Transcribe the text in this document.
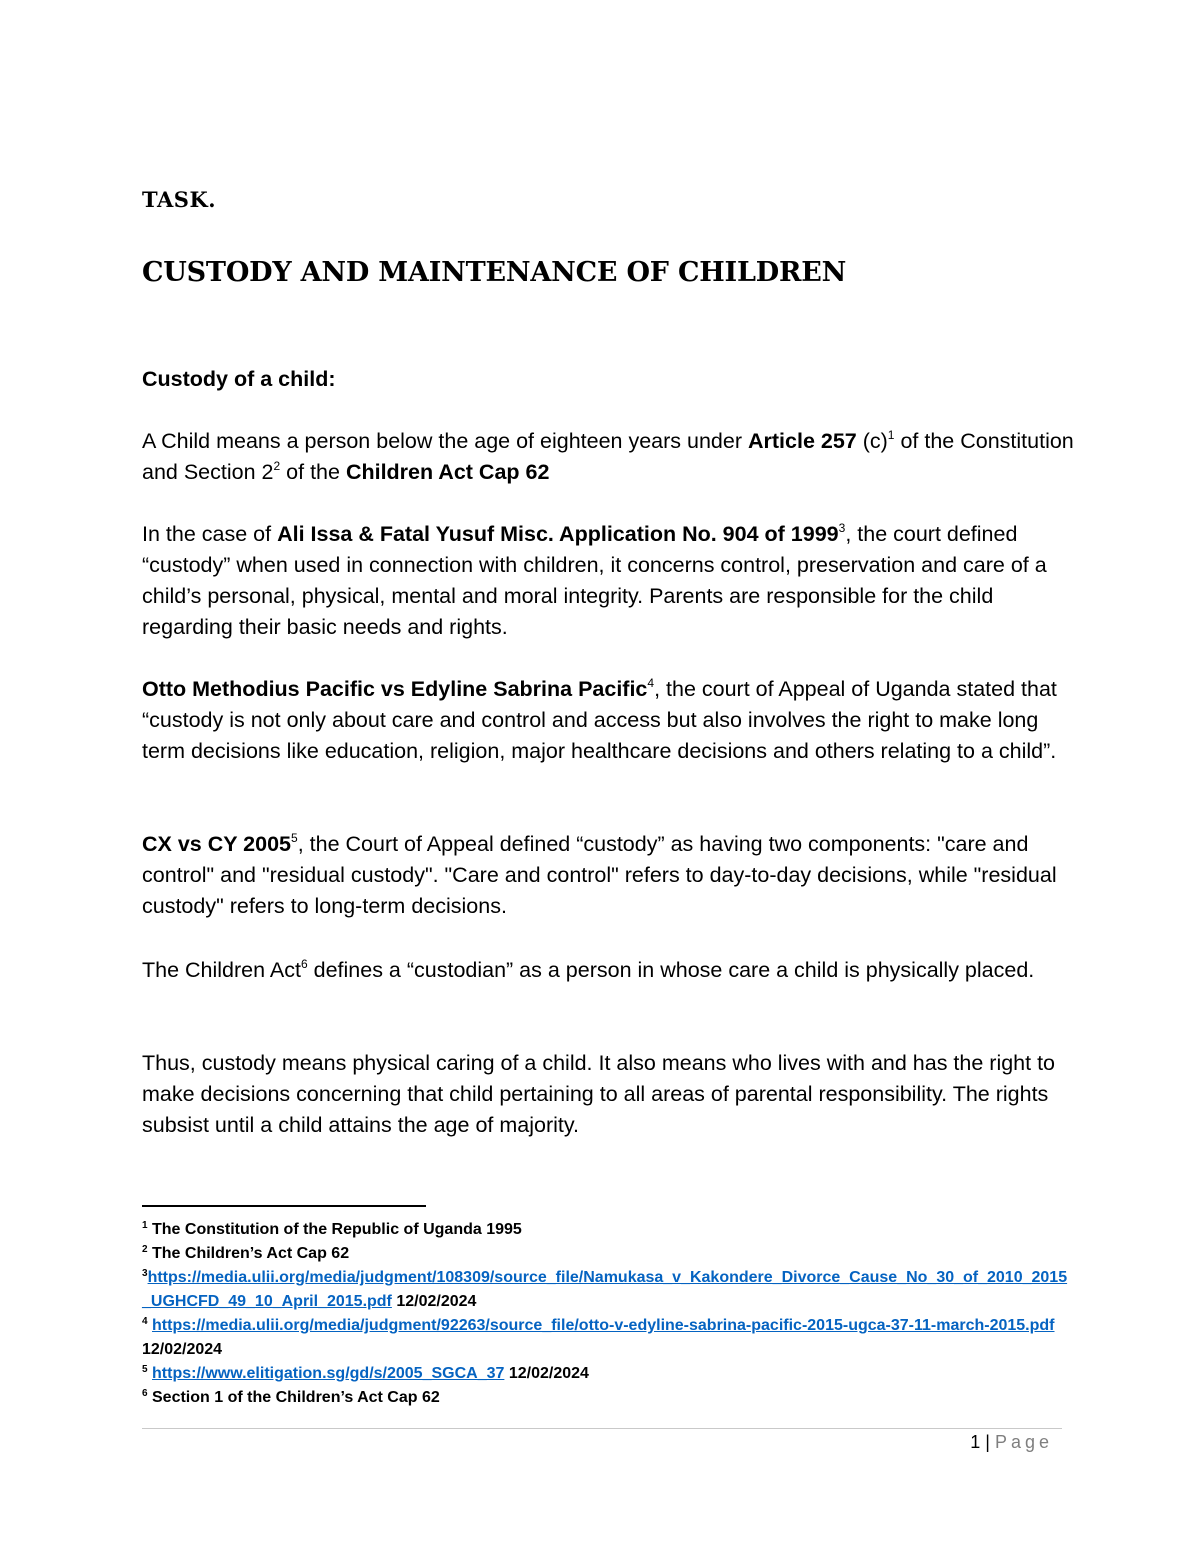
TASK.
CUSTODY AND MAINTENANCE OF CHILDREN
Custody of a child:
A Child means a person below the age of eighteen years under Article 257 $(c)^1$ of the Constitution and Section $2^2$ of the Children Act Cap 62
In the case of Ali Issa & Fatal Yusuf Misc. Application No. 904 of 1999$^3$, the court defined “custody” when used in connection with children, it concerns control, preservation and care of a child’s personal, physical, mental and moral integrity. Parents are responsible for the child regarding their basic needs and rights.
Otto Methodius Pacific vs Edyline Sabrina Pacific$^4$, the court of Appeal of Uganda stated that “custody is not only about care and control and access but also involves the right to make long term decisions like education, religion, major healthcare decisions and others relating to a child”.
CX vs CY 2005$^5$, the Court of Appeal defined “custody” as having two components: "care and control" and "residual custody". "Care and control" refers to day-to-day decisions, while "residual custody" refers to long-term decisions.
The Children Act$^6$ defines a “custodian” as a person in whose care a child is physically placed.
Thus, custody means physical caring of a child. It also means who lives with and has the right to make decisions concerning that child pertaining to all areas of parental responsibility. The rights subsist until a child attains the age of majority.
$^1$ The Constitution of the Republic of Uganda 1995
$^2$ The Children’s Act Cap 62
$^3$https://media.ulii.org/media/judgment/108309/source_file/Namukasa_v_Kakondere_Divorce_Cause_No_30_of_2010_2015_UGHCFD_49_10_April_2015.pdf 12/02/2024
$^4$ https://media.ulii.org/media/judgment/92263/source_file/otto-v-edyline-sabrina-pacific-2015-ugca-37-11-march-2015.pdf 12/02/2024
$^5$ https://www.elitigation.sg/gd/s/2005_SGCA_37 12/02/2024
$^6$ Section 1 of the Children’s Act Cap 62
1 | Page
